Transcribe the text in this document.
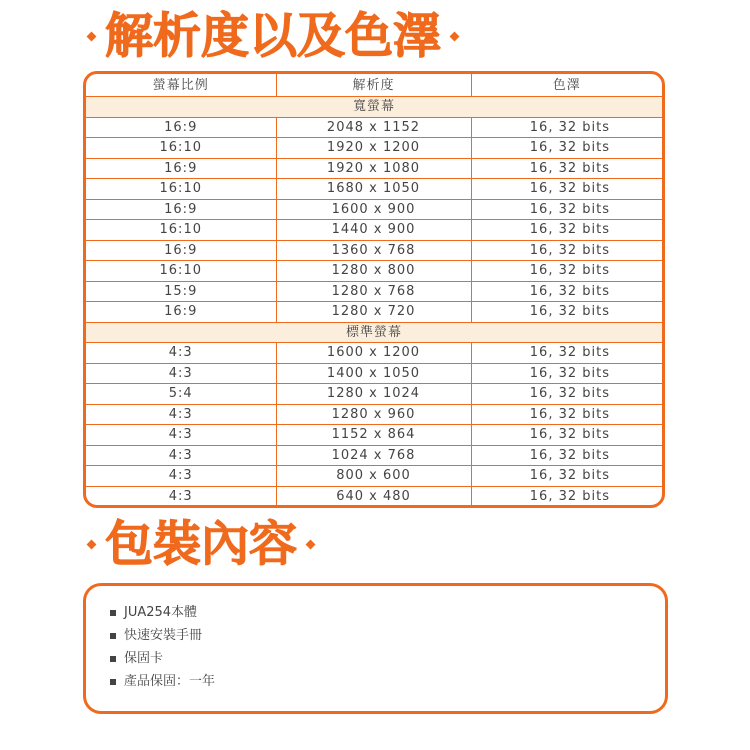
解析度以及色澤
螢幕比例	解析度	色澤
寬螢幕		
16:9	2048 x 1152	16, 32 bits
16:10	1920 x 1200	16, 32 bits
16:9	1920 x 1080	16, 32 bits
16:10	1680 x 1050	16, 32 bits
16:9	1600 x 900	16, 32 bits
16:10	1440 x 900	16, 32 bits
16:9	1360 x 768	16, 32 bits
16:10	1280 x 800	16, 32 bits
15:9	1280 x 768	16, 32 bits
16:9	1280 x 720	16, 32 bits
標準螢幕		
4:3	1600 x 1200	16, 32 bits
4:3	1400 x 1050	16, 32 bits
5:4	1280 x 1024	16, 32 bits
4:3	1280 x 960	16, 32 bits
4:3	1152 x 864	16, 32 bits
4:3	1024 x 768	16, 32 bits
4:3	800 x 600	16, 32 bits
4:3	640 x 480	16, 32 bits
包裝內容
JUA254本體
快速安裝手冊
保固卡
產品保固：一年
